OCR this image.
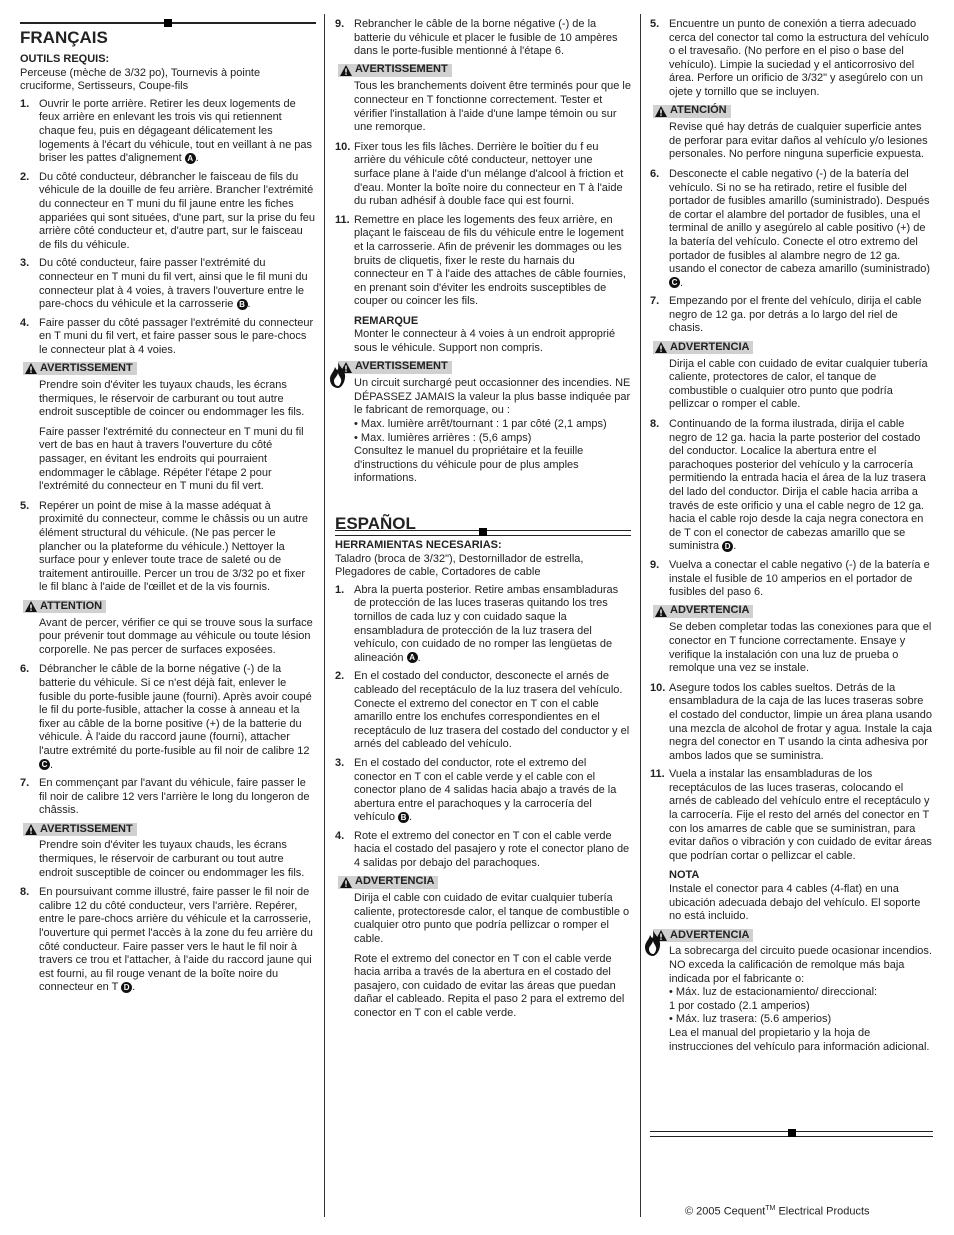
FRANÇAIS
OUTILS REQUIS:
Perceuse (mèche de 3/32 po), Tournevis à pointe cruciforme, Sertisseurs, Coupe-fils
1. Ouvrir le porte arrière. Retirer les deux logements de feux arrière en enlevant les trois vis qui retiennent chaque feu, puis en dégageant délicatement les logements à l'écart du véhicule, tout en veillant à ne pas briser les pattes d'alignement A .
2. Du côté conducteur, débrancher le faisceau de fils du véhicule de la douille de feu arrière. Brancher l'extrémité du connecteur en T muni du fil jaune entre les fiches appariées qui sont situées, d'une part, sur la prise du feu arrière côté conducteur et, d'autre part, sur le faisceau de fils du véhicule.
3. Du côté conducteur, faire passer l'extrémité du connecteur en T muni du fil vert, ainsi que le fil muni du connecteur plat à 4 voies, à travers l'ouverture entre le pare-chocs du véhicule et la carrosserie B .
4. Faire passer du côté passager l'extrémité du connecteur en T muni du fil vert, et faire passer sous le pare-chocs le connecteur plat à 4 voies.
AVERTISSEMENT
Prendre soin d'éviter les tuyaux chauds, les écrans thermiques, le réservoir de carburant ou tout autre endroit susceptible de coincer ou endommager les fils.
Faire passer l'extrémité du connecteur en T muni du fil vert de bas en haut à travers l'ouverture du côté passager, en évitant les endroits qui pourraient endommager le câblage. Répéter l'étape 2 pour l'extrémité du connecteur en T muni du fil vert.
5. Repérer un point de mise à la masse adéquat à proximité du connecteur, comme le châssis ou un autre élément structural du véhicule. (Ne pas percer le plancher ou la plateforme du véhicule.) Nettoyer la surface pour y enlever toute trace de saleté ou de traitement antirouille. Percer un trou de 3/32 po et fixer le fil blanc à l'aide de l'œillet et de la vis fournis.
ATTENTION
Avant de percer, vérifier ce qui se trouve sous la surface pour prévenir tout dommage au véhicule ou toute lésion corporelle. Ne pas percer de surfaces exposées.
6. Débrancher le câble de la borne négative (-) de la batterie du véhicule. Si ce n'est déjà fait, enlever le fusible du porte-fusible jaune (fourni). Après avoir coupé le fil du porte-fusible, attacher la cosse à anneau et la fixer au câble de la borne positive (+) de la batterie du véhicule. À l'aide du raccord jaune (fourni), attacher l'autre extrémité du porte-fusible au fil noir de calibre 12 C .
7. En commençant par l'avant du véhicule, faire passer le fil noir de calibre 12 vers l'arrière le long du longeron de châssis.
AVERTISSEMENT
Prendre soin d'éviter les tuyaux chauds, les écrans thermiques, le réservoir de carburant ou tout autre endroit susceptible de coincer ou endommager les fils.
8. En poursuivant comme illustré, faire passer le fil noir de calibre 12 du côté conducteur, vers l'arrière. Repérer, entre le pare-chocs arrière du véhicule et la carrosserie, l'ouverture qui permet l'accès à la zone du feu arrière du côté conducteur. Faire passer vers le haut le fil noir à travers ce trou et l'attacher, à l'aide du raccord jaune qui est fourni, au fil rouge venant de la boîte noire du connecteur en T D .
9. Rebrancher le câble de la borne négative (-) de la batterie du véhicule et placer le fusible de 10 ampères dans le porte-fusible mentionné à l'étape 6.
AVERTISSEMENT
Tous les branchements doivent être terminés pour que le connecteur en T fonctionne correctement. Tester et vérifier l'installation à l'aide d'une lampe témoin ou sur une remorque.
10. Fixer tous les fils lâches. Derrière le boîtier du f eu arrière du véhicule côté conducteur, nettoyer une surface plane à l'aide d'un mélange d'alcool à friction et d'eau. Monter la boîte noire du connecteur en T à l'aide du ruban adhésif à double face qui est fourni.
11. Remettre en place les logements des feux arrière, en plaçant le faisceau de fils du véhicule entre le logement et la carrosserie. Afin de prévenir les dommages ou les bruits de cliquetis, fixer le reste du harnais du connecteur en T à l'aide des attaches de câble fournies, en prenant soin d'éviter les endroits susceptibles de couper ou coincer les fils.
REMARQUE
Monter le connecteur à 4 voies à un endroit approprié sous le véhicule. Support non compris.
AVERTISSEMENT
Un circuit surchargé peut occasionner des incendies. NE DÉPASSEZ JAMAIS la valeur la plus basse indiquée par le fabricant de remorquage, ou :
• Max. lumière arrêt/tournant : 1 par côté (2,1 amps)
• Max. lumières arrières : (5,6 amps)
Consultez le manuel du propriétaire et la feuille d'instructions du véhicule pour de plus amples informations.
ESPAÑOL
HERRAMIENTAS NECESARIAS:
Taladro (broca de 3/32"), Destornillador de estrella, Plegadores de cable, Cortadores de cable
1. Abra la puerta posterior. Retire ambas ensambladuras de protección de las luces traseras quitando los tres tornillos de cada luz y con cuidado saque la ensambladura de protección de la luz trasera del vehículo, con cuidado de no romper las lengüetas de alineación A .
2. En el costado del conductor, desconecte el arnés de cableado del receptáculo de la luz trasera del vehículo. Conecte el extremo del conector en T con el cable amarillo entre los enchufes correspondientes en el receptáculo de luz trasera del costado del conductor y el arnés del cableado del vehículo.
3. En el costado del conductor, rote el extremo del conector en T con el cable verde y el cable con el conector plano de 4 salidas hacia abajo a través de la abertura entre el parachoques y la carrocería del vehículo B .
4. Rote el extremo del conector en T con el cable verde hacia el costado del pasajero y rote el conector plano de 4 salidas por debajo del parachoques.
ADVERTENCIA
Dirija el cable con cuidado de evitar cualquier tubería caliente, protectoresde calor, el tanque de combustible o cualquier otro punto que podría pellizcar o romper el cable.
Rote el extremo del conector en T con el cable verde hacia arriba a través de la abertura en el costado del pasajero, con cuidado de evitar las áreas que puedan dañar el cableado. Repita el paso 2 para el extremo del conector en T con el cable verde.
5. Encuentre un punto de conexión a tierra adecuado cerca del conector tal como la estructura del vehículo o el travesaño. (No perfore en el piso o base del vehículo). Limpie la suciedad y el anticorrosivo del área. Perfore un orificio de 3/32" y asegúrelo con un ojete y tornillo que se incluyen.
ATENCIÓN
Revise qué hay detrás de cualquier superficie antes de perforar para evitar daños al vehículo y/o lesiones personales. No perfore ninguna superficie expuesta.
6. Desconecte el cable negativo (-) de la batería del vehículo. Si no se ha retirado, retire el fusible del portador de fusibles amarillo (suministrado). Después de cortar el alambre del portador de fusibles, una el terminal de anillo y asegúrelo al cable positivo (+) de la batería del vehículo. Conecte el otro extremo del portador de fusibles al alambre negro de 12 ga. usando el conector de cabeza amarillo (suministrado) C .
7. Empezando por el frente del vehículo, dirija el cable negro de 12 ga. por detrás a lo largo del riel de chasis.
ADVERTENCIA
Dirija el cable con cuidado de evitar cualquier tubería caliente, protectores de calor, el tanque de combustible o cualquier otro punto que podría pellizcar o romper el cable.
8. Continuando de la forma ilustrada, dirija el cable negro de 12 ga. hacia la parte posterior del costado del conductor. Localice la abertura entre el parachoques posterior del vehículo y la carrocería permitiendo la entrada hacia el área de la luz trasera del lado del conductor. Dirija el cable hacia arriba a través de este orificio y una el cable negro de 12 ga. hacia el cable rojo desde la caja negra conectora en de T con el conector de cabezas amarillo que se suministra D .
9. Vuelva a conectar el cable negativo (-) de la batería e instale el fusible de 10 amperios en el portador de fusibles del paso 6.
ADVERTENCIA
Se deben completar todas las conexiones para que el conector en T funcione correctamente. Ensaye y verifique la instalación con una luz de prueba o remolque una vez se instale.
10. Asegure todos los cables sueltos. Detrás de la ensambladura de la caja de las luces traseras sobre el costado del conductor, limpie un área plana usando una mezcla de alcohol de frotar y agua. Instale la caja negra del conector en T usando la cinta adhesiva por ambos lados que se suministra.
11. Vuela a instalar las ensambladuras de los receptáculos de las luces traseras, colocando el arnés de cableado del vehículo entre el receptáculo y la carrocería. Fije el resto del arnés del conector en T con los amarres de cable que se suministran, para evitar daños o vibración y con cuidado de evitar áreas que podrían cortar o pellizcar el cable.
NOTA
Instale el conector para 4 cables (4-flat) en una ubicación adecuada debajo del vehículo. El soporte no está incluido.
ADVERTENCIA
La sobrecarga del circuito puede ocasionar incendios. NO exceda la calificación de remolque más baja indicada por el fabricante o:
• Máx. luz de estacionamiento/ direccional:
1 por costado (2.1 amperios)
• Máx. luz trasera: (5.6 amperios)
Lea el manual del propietario y la hoja de instrucciones del vehículo para información adicional.
© 2005 Cequent™ Electrical Products
